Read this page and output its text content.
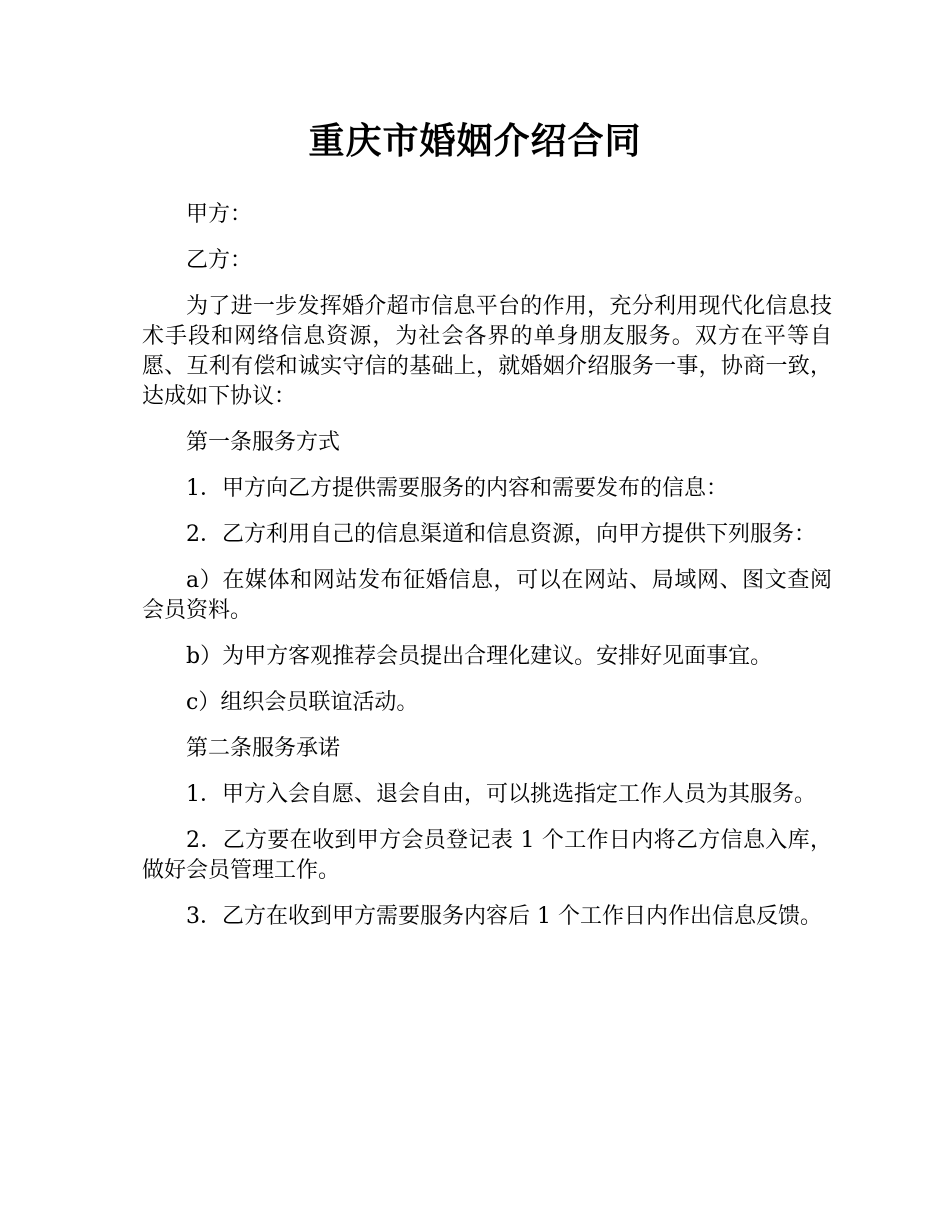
重庆市婚姻介绍合同

甲方：

乙方：

为了进一步发挥婚介超市信息平台的作用，充分利用现代化信息技术手段和网络信息资源，为社会各界的单身朋友服务。双方在平等自愿、互利有偿和诚实守信的基础上，就婚姻介绍服务一事，协商一致，达成如下协议：

第一条服务方式

1．甲方向乙方提供需要服务的内容和需要发布的信息：

2．乙方利用自己的信息渠道和信息资源，向甲方提供下列服务：

a）在媒体和网站发布征婚信息，可以在网站、局域网、图文查阅会员资料。

b）为甲方客观推荐会员提出合理化建议。安排好见面事宜。

c）组织会员联谊活动。

第二条服务承诺

1．甲方入会自愿、退会自由，可以挑选指定工作人员为其服务。

2．乙方要在收到甲方会员登记表 1 个工作日内将乙方信息入库，做好会员管理工作。

3．乙方在收到甲方需要服务内容后 1 个工作日内作出信息反馈。
